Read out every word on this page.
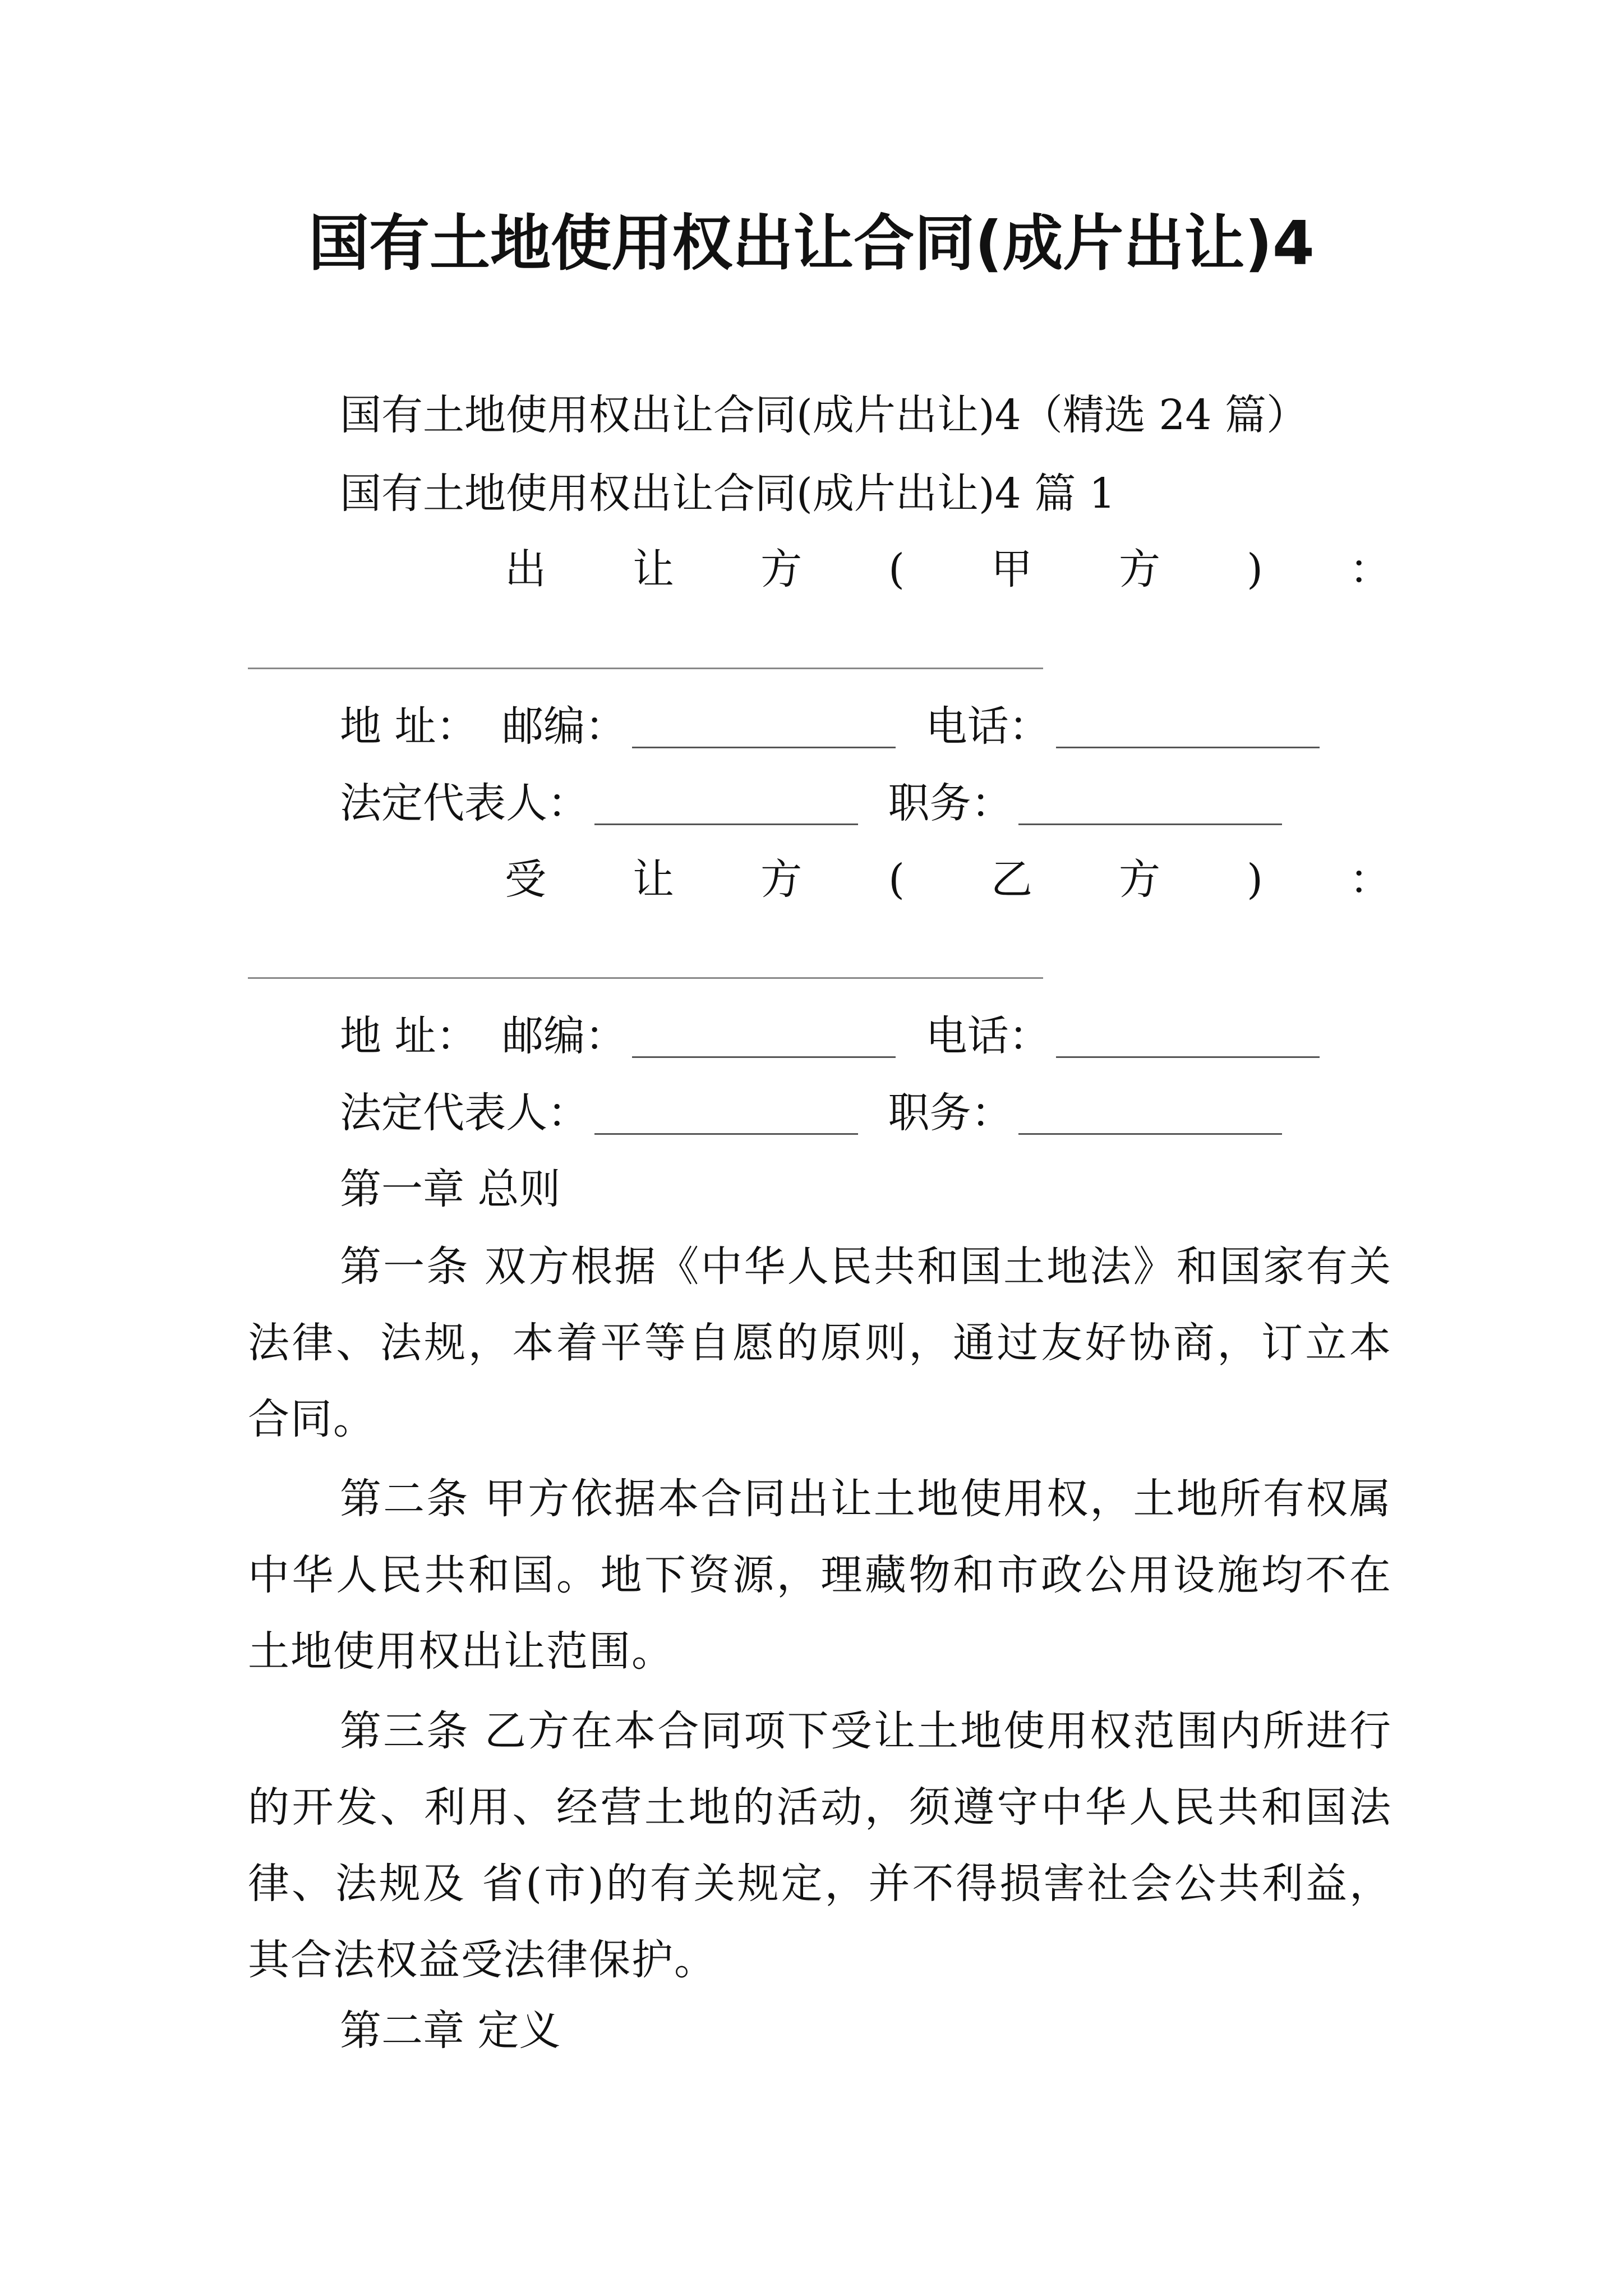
国有土地使用权出让合同(成片出让)4
国有土地使用权出让合同(成片出让)4（精选 24 篇）
国有土地使用权出让合同(成片出让)4 篇 1
出 让 方 ( 甲 方 ) ：
地 址： 邮编：	电话：
法定代表人：	职务：
受 让 方 ( 乙 方 ) ：
地 址： 邮编：	电话：
法定代表人：	职务：
第一章 总则
第一条 双方根据《中华人民共和国土地法》和国家有关法律、法规，本着平等自愿的原则，通过友好协商，订立本合同。
第二条 甲方依据本合同出让土地使用权，土地所有权属中华人民共和国。地下资源，理藏物和市政公用设施均不在土地使用权出让范围。
第三条 乙方在本合同项下受让土地使用权范围内所进行的开发、利用、经营土地的活动，须遵守中华人民共和国法律、法规及 省(市)的有关规定，并不得损害社会公共利益，其合法权益受法律保护。
第二章 定义
